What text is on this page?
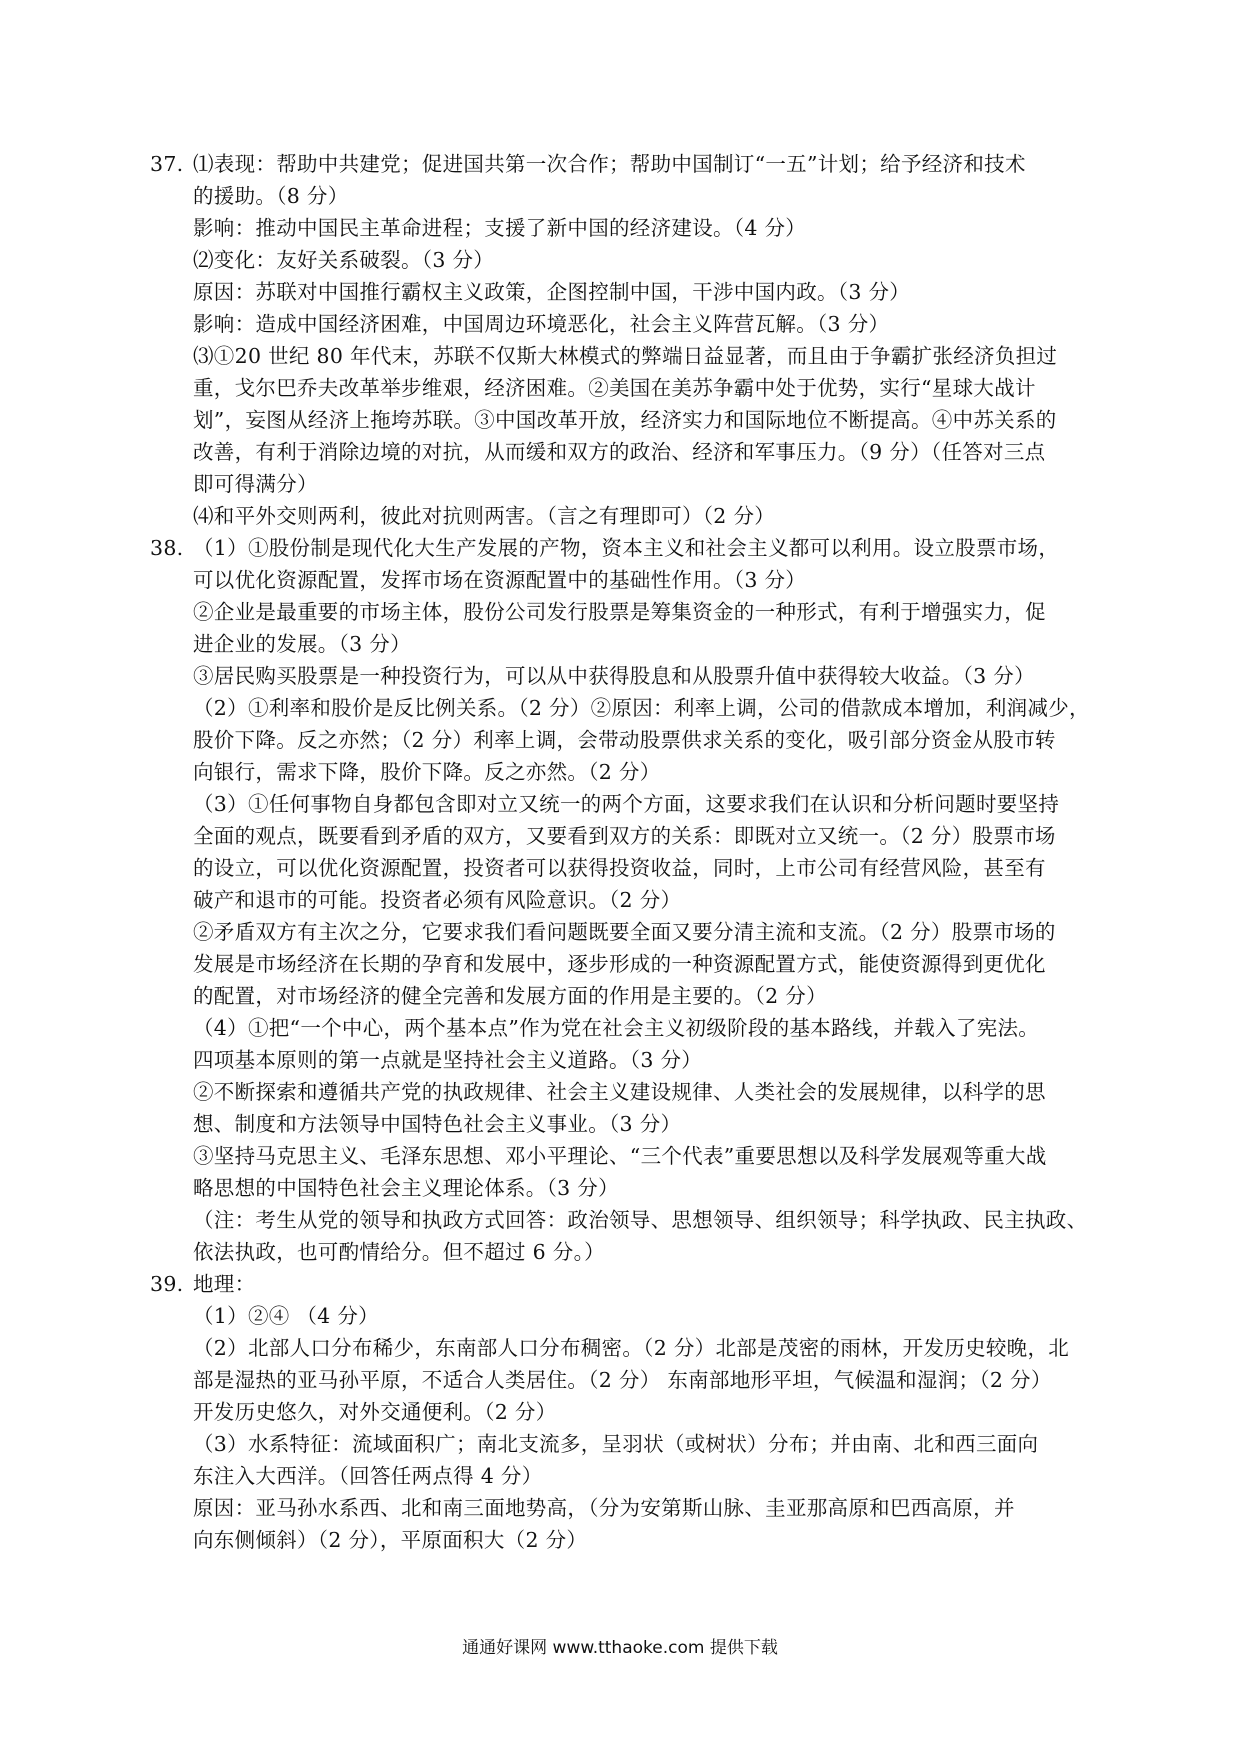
37. ⑴表现：帮助中共建党；促进国共第一次合作；帮助中国制订“一五”计划；给予经济和技术
的援助。（8 分）
影响：推动中国民主革命进程；支援了新中国的经济建设。（4 分）
⑵变化：友好关系破裂。（3 分）
原因：苏联对中国推行霸权主义政策，企图控制中国，干涉中国内政。（3 分）
影响：造成中国经济困难，中国周边环境恶化，社会主义阵营瓦解。（3 分）
⑶①20 世纪 80 年代末，苏联不仅斯大林模式的弊端日益显著，而且由于争霸扩张经济负担过
重，戈尔巴乔夫改革举步维艰，经济困难。②美国在美苏争霸中处于优势，实行“星球大战计
划”，妄图从经济上拖垮苏联。③中国改革开放，经济实力和国际地位不断提高。④中苏关系的
改善，有利于消除边境的对抗，从而缓和双方的政治、经济和军事压力。（9 分）（任答对三点
即可得满分）
⑷和平外交则两利，彼此对抗则两害。（言之有理即可）（2 分）
38. （1）①股份制是现代化大生产发展的产物，资本主义和社会主义都可以利用。设立股票市场，
可以优化资源配置，发挥市场在资源配置中的基础性作用。（3 分）
②企业是最重要的市场主体，股份公司发行股票是筹集资金的一种形式，有利于增强实力，促
进企业的发展。（3 分）
③居民购买股票是一种投资行为，可以从中获得股息和从股票升值中获得较大收益。（3 分）
（2）①利率和股价是反比例关系。（2 分）②原因：利率上调，公司的借款成本增加，利润减少，
股价下降。反之亦然；（2 分）利率上调，会带动股票供求关系的变化，吸引部分资金从股市转
向银行，需求下降，股价下降。反之亦然。（2 分）
（3）①任何事物自身都包含即对立又统一的两个方面，这要求我们在认识和分析问题时要坚持
全面的观点，既要看到矛盾的双方，又要看到双方的关系：即既对立又统一。（2 分）股票市场
的设立，可以优化资源配置，投资者可以获得投资收益，同时，上市公司有经营风险，甚至有
破产和退市的可能。投资者必须有风险意识。（2 分）
②矛盾双方有主次之分，它要求我们看问题既要全面又要分清主流和支流。（2 分）股票市场的
发展是市场经济在长期的孕育和发展中，逐步形成的一种资源配置方式，能使资源得到更优化
的配置，对市场经济的健全完善和发展方面的作用是主要的。（2 分）
（4）①把“一个中心，两个基本点”作为党在社会主义初级阶段的基本路线，并载入了宪法。
四项基本原则的第一点就是坚持社会主义道路。（3 分）
②不断探索和遵循共产党的执政规律、社会主义建设规律、人类社会的发展规律，以科学的思
想、制度和方法领导中国特色社会主义事业。（3 分）
③坚持马克思主义、毛泽东思想、邓小平理论、“三个代表”重要思想以及科学发展观等重大战
略思想的中国特色社会主义理论体系。（3 分）
（注：考生从党的领导和执政方式回答：政治领导、思想领导、组织领导；科学执政、民主执政、
依法执政，也可酌情给分。但不超过 6 分。）
39. 地理：
（1）②④ （4 分）
（2）北部人口分布稀少，东南部人口分布稠密。（2 分）北部是茂密的雨林，开发历史较晚，北
部是湿热的亚马孙平原，不适合人类居住。（2 分） 东南部地形平坦，气候温和湿润；（2 分）
开发历史悠久，对外交通便利。（2 分）
（3）水系特征：流域面积广；南北支流多，呈羽状（或树状）分布；并由南、北和西三面向
东注入大西洋。（回答任两点得 4 分）
原因：亚马孙水系西、北和南三面地势高，（分为安第斯山脉、圭亚那高原和巴西高原，并
向东侧倾斜）（2 分），平原面积大（2 分）
通通好课网 www.tthaoke.com 提供下载
